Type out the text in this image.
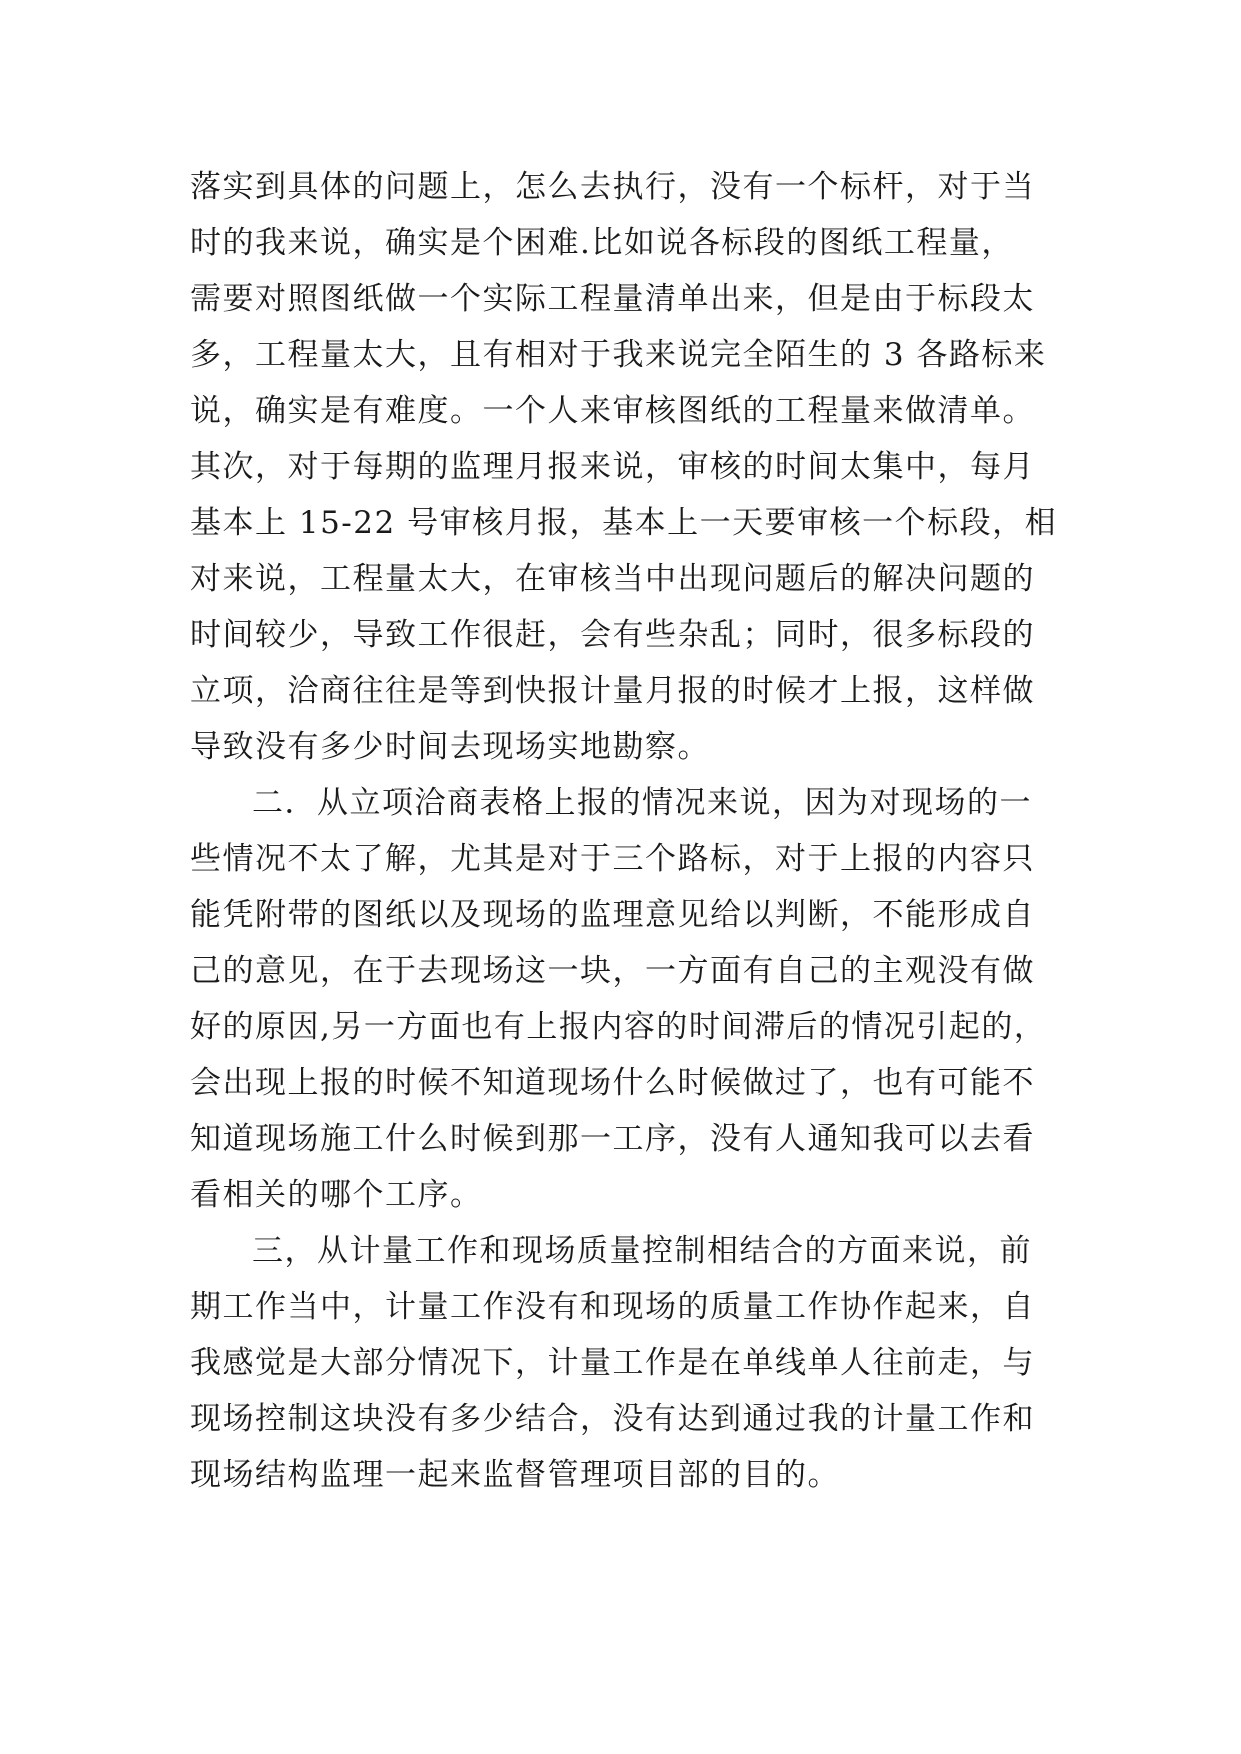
落实到具体的问题上，怎么去执行，没有一个标杆，对于当
时的我来说，确实是个困难.比如说各标段的图纸工程量，
需要对照图纸做一个实际工程量清单出来，但是由于标段太
多，工程量太大，且有相对于我来说完全陌生的 3 各路标来
说，确实是有难度。一个人来审核图纸的工程量来做清单。
其次，对于每期的监理月报来说，审核的时间太集中，每月
基本上 15-22 号审核月报，基本上一天要审核一个标段，相
对来说，工程量太大，在审核当中出现问题后的解决问题的
时间较少，导致工作很赶，会有些杂乱；同时，很多标段的
立项，洽商往往是等到快报计量月报的时候才上报，这样做
导致没有多少时间去现场实地勘察。
二．从立项洽商表格上报的情况来说，因为对现场的一
些情况不太了解，尤其是对于三个路标，对于上报的内容只
能凭附带的图纸以及现场的监理意见给以判断，不能形成自
己的意见，在于去现场这一块，一方面有自己的主观没有做
好的原因,另一方面也有上报内容的时间滞后的情况引起的，
会出现上报的时候不知道现场什么时候做过了，也有可能不
知道现场施工什么时候到那一工序，没有人通知我可以去看
看相关的哪个工序。
三，从计量工作和现场质量控制相结合的方面来说，前
期工作当中，计量工作没有和现场的质量工作协作起来，自
我感觉是大部分情况下，计量工作是在单线单人往前走，与
现场控制这块没有多少结合，没有达到通过我的计量工作和
现场结构监理一起来监督管理项目部的目的。
